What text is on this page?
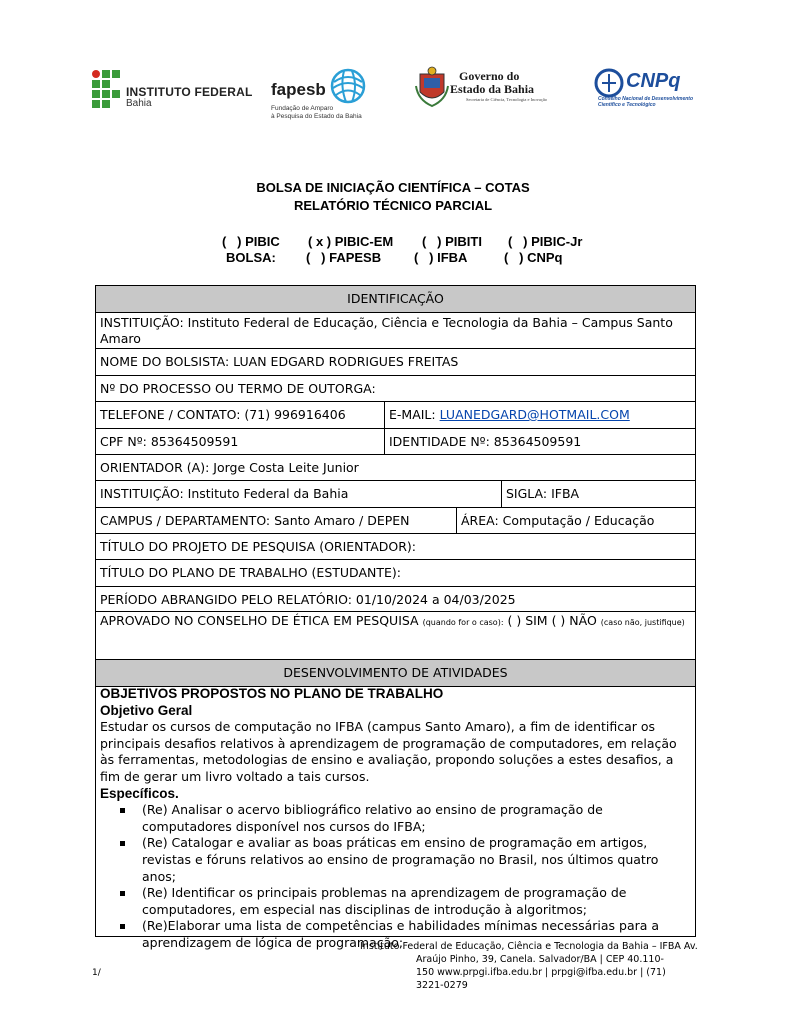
INSTITUTO FEDERAL
Bahia
fapesb
Fundação de Amparo
à Pesquisa do Estado da Bahia
Governo do
Estado da Bahia
Secretaria de Ciência, Tecnologia e Inovação
CNPq
Conselho Nacional de Desenvolvimento
Científico e Tecnológico
BOLSA DE INICIAÇÃO CIENTÍFICA – COTAS
RELATÓRIO TÉCNICO PARCIAL
(   ) PIBIC ( x ) PIBIC-EM (   ) PIBITI (   ) PIBIC-Jr
BOLSA: (   ) FAPESB	(   ) IFBA	(   ) CNPq
IDENTIFICAÇÃO
INSTITUIÇÃO: Instituto Federal de Educação, Ciência e Tecnologia da Bahia – Campus Santo Amaro
NOME DO BOLSISTA: LUAN EDGARD RODRIGUES FREITAS
Nº DO PROCESSO OU TERMO DE OUTORGA:
TELEFONE / CONTATO: (71) 996916406	E-MAIL: LUANEDGARD@HOTMAIL.COM
CPF Nº: 85364509591	IDENTIDADE Nº: 85364509591
ORIENTADOR (A): Jorge Costa Leite Junior
INSTITUIÇÃO: Instituto Federal da Bahia	SIGLA: IFBA
CAMPUS / DEPARTAMENTO: Santo Amaro / DEPEN	ÁREA: Computação / Educação
TÍTULO DO PROJETO DE PESQUISA (ORIENTADOR):
TÍTULO DO PLANO DE TRABALHO (ESTUDANTE):
PERÍODO ABRANGIDO PELO RELATÓRIO: 01/10/2024 a 04/03/2025
APROVADO NO CONSELHO DE ÉTICA EM PESQUISA (quando for o caso): ( ) SIM ( ) NÃO (caso não, justifique)
DESENVOLVIMENTO DE ATIVIDADES
OBJETIVOS PROPOSTOS NO PLANO DE TRABALHO
Objetivo Geral

Estudar os cursos de computação no IFBA (campus Santo Amaro), a fim de identificar os principais desafios relativos à aprendizagem de programação de computadores, em relação às ferramentas, metodologias de ensino e avaliação, propondo soluções a estes desafios, a fim de gerar um livro voltado a tais cursos.

Específicos.
(Re) Analisar o acervo bibliográfico relativo ao ensino de programação de computadores disponível nos cursos do IFBA;
(Re) Catalogar e avaliar as boas práticas em ensino de programação em artigos, revistas e fóruns relativos ao ensino de programação no Brasil, nos últimos quatro anos;
(Re) Identificar os principais problemas na aprendizagem de programação de computadores, em especial nas disciplinas de introdução à algoritmos;
(Re)Elaborar uma lista de competências e habilidades mínimas necessárias para a aprendizagem de lógica de programação;
Instituto Federal de Educação, Ciência e Tecnologia da Bahia – IFBA Av.
Araújo Pinho, 39, Canela. Salvador/BA | CEP 40.110-
150 www.prpgi.ifba.edu.br | prpgi@ifba.edu.br | (71)
3221-0279
1/
